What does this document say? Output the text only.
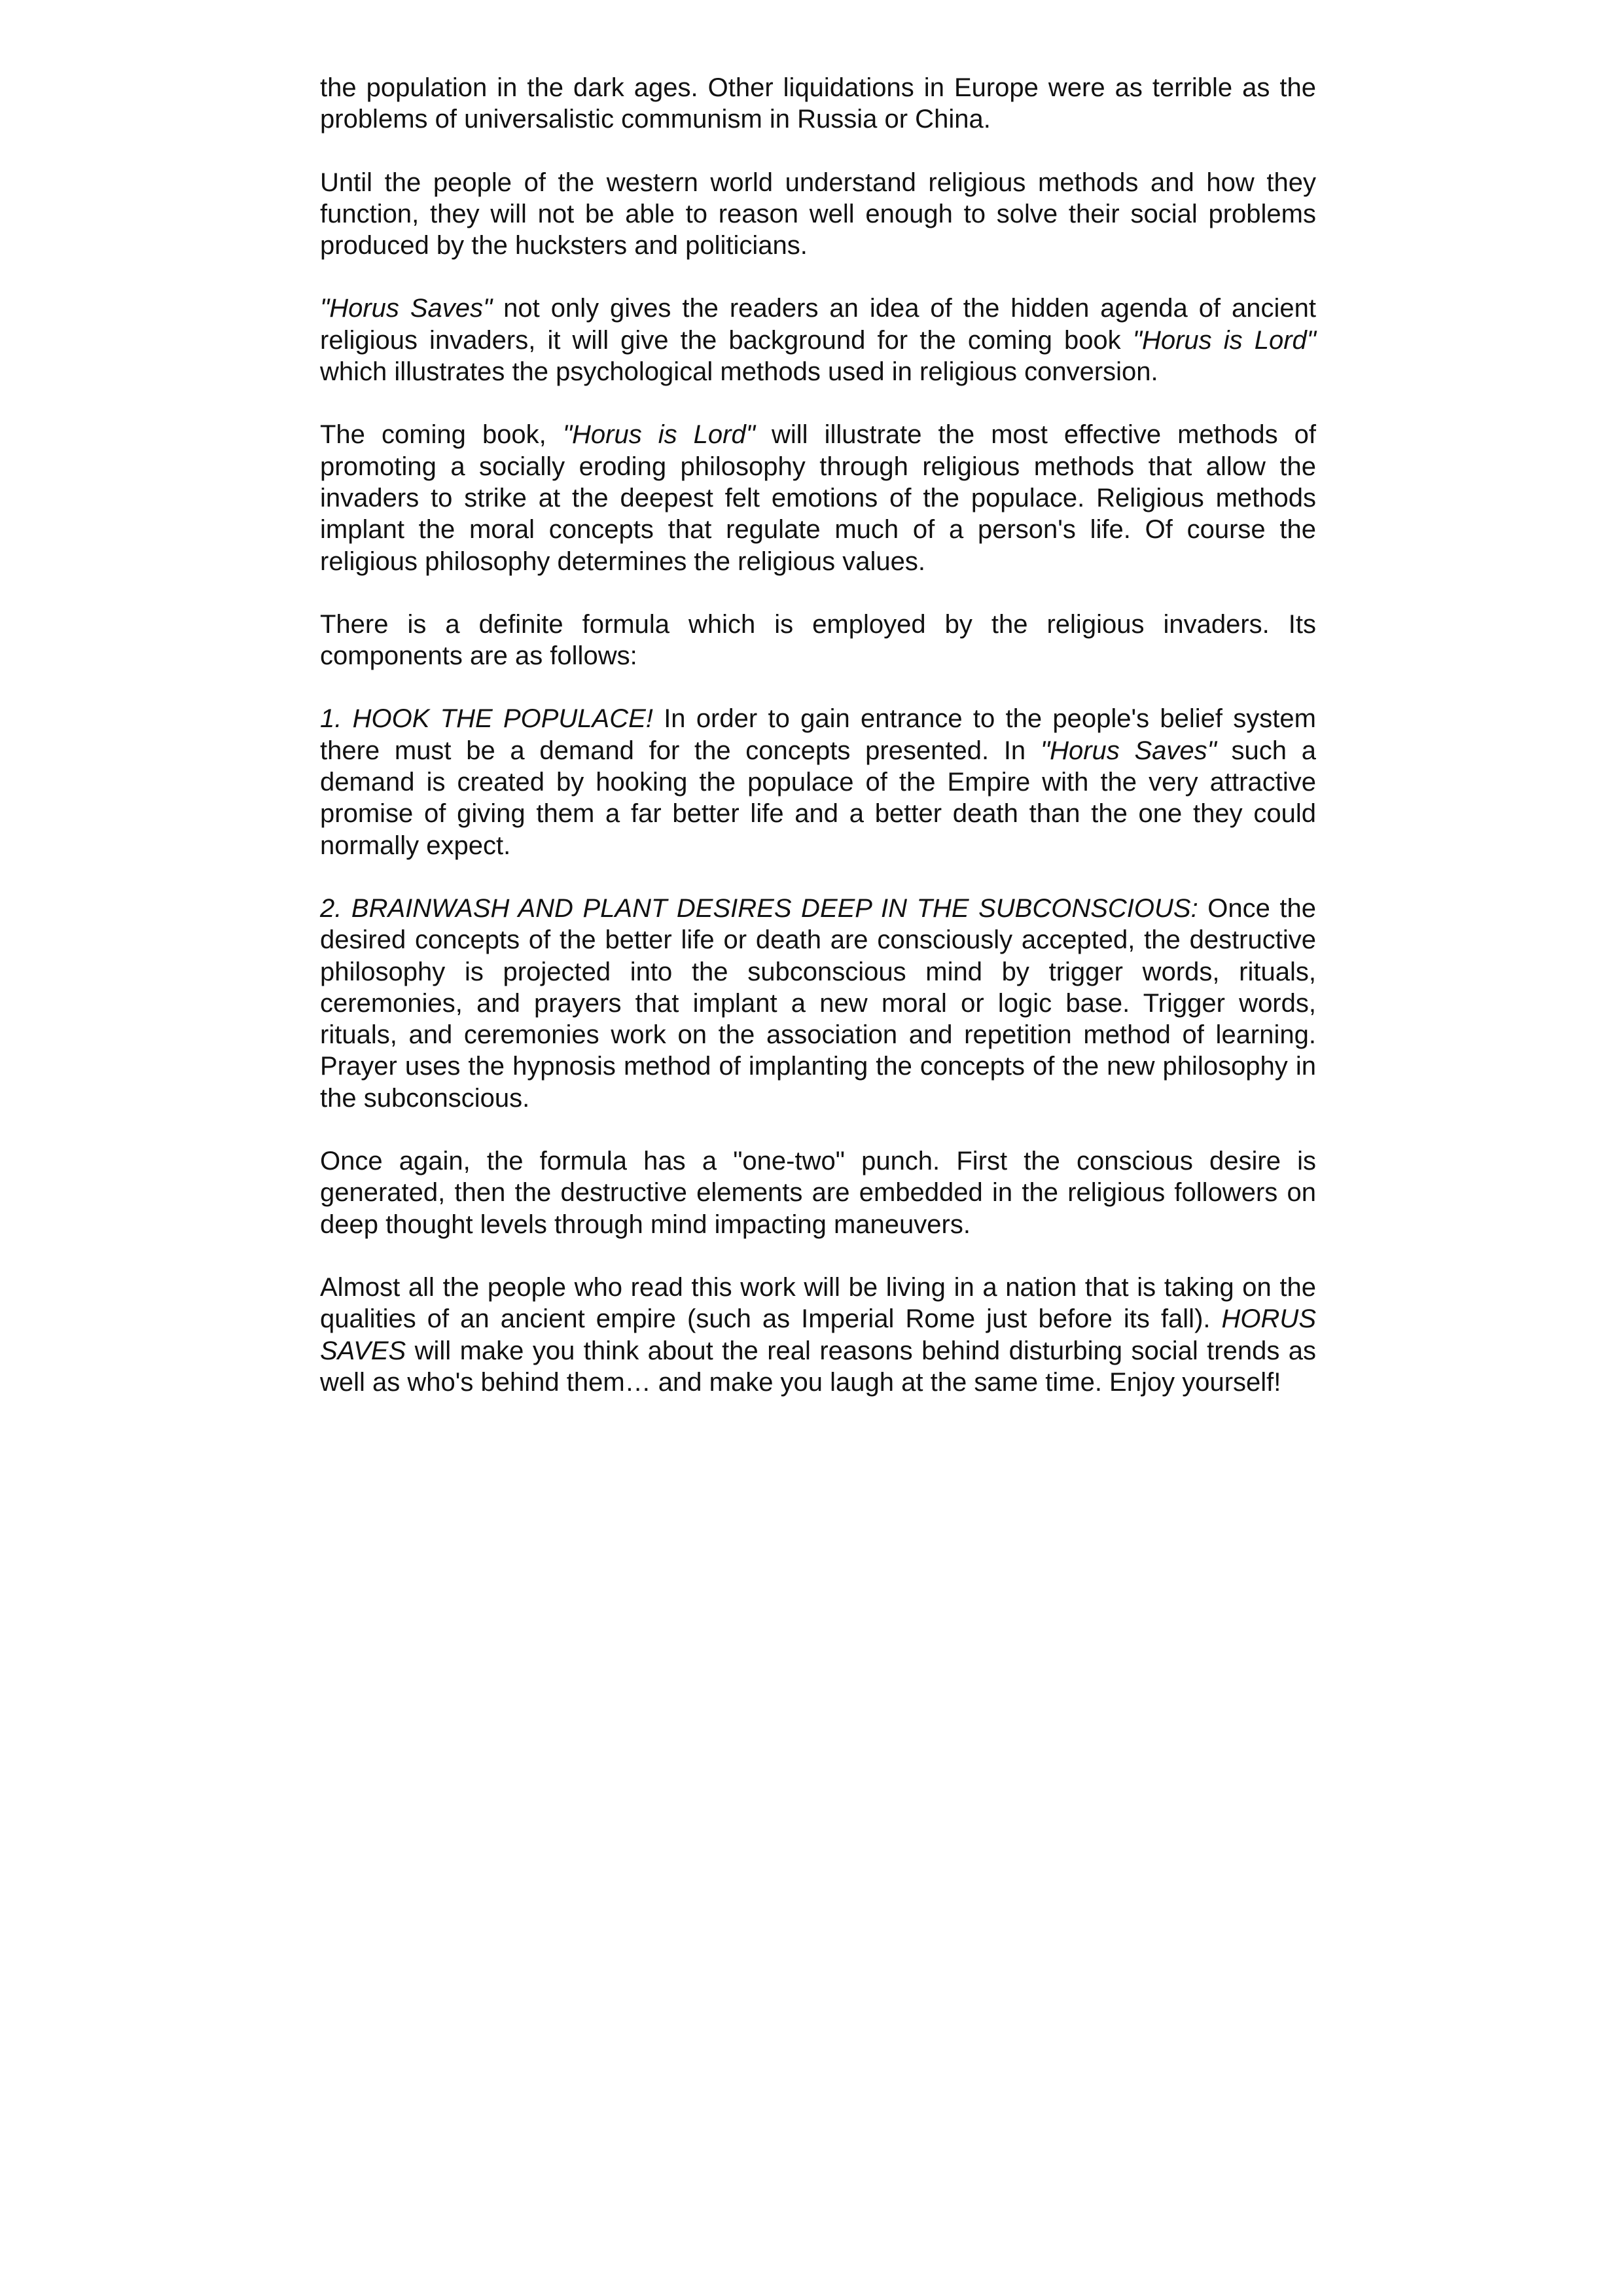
the population in the dark ages. Other liquidations in Europe were as terrible as the problems of universalistic communism in Russia or China.

Until the people of the western world understand religious methods and how they function, they will not be able to reason well enough to solve their social problems produced by the hucksters and politicians.

"Horus Saves" not only gives the readers an idea of the hidden agenda of ancient religious invaders, it will give the background for the coming book "Horus is Lord" which illustrates the psychological methods used in religious conversion.

The coming book, "Horus is Lord" will illustrate the most effective methods of promoting a socially eroding philosophy through religious methods that allow the invaders to strike at the deepest felt emotions of the populace. Religious methods implant the moral concepts that regulate much of a person's life. Of course the religious philosophy determines the religious values.

There is a definite formula which is employed by the religious invaders. Its components are as follows:

1. HOOK THE POPULACE! In order to gain entrance to the people's belief system there must be a demand for the concepts presented. In "Horus Saves" such a demand is created by hooking the populace of the Empire with the very attractive promise of giving them a far better life and a better death than the one they could normally expect.

2. BRAINWASH AND PLANT DESIRES DEEP IN THE SUBCONSCIOUS: Once the desired concepts of the better life or death are consciously accepted, the destructive philosophy is projected into the subconscious mind by trigger words, rituals, ceremonies, and prayers that implant a new moral or logic base. Trigger words, rituals, and ceremonies work on the association and repetition method of learning. Prayer uses the hypnosis method of implanting the concepts of the new philosophy in the subconscious.

Once again, the formula has a "one-two" punch. First the conscious desire is generated, then the destructive elements are embedded in the religious followers on deep thought levels through mind impacting maneuvers.

Almost all the people who read this work will be living in a nation that is taking on the qualities of an ancient empire (such as Imperial Rome just before its fall). HORUS SAVES will make you think about the real reasons behind disturbing social trends as well as who's behind them… and make you laugh at the same time. Enjoy yourself!
